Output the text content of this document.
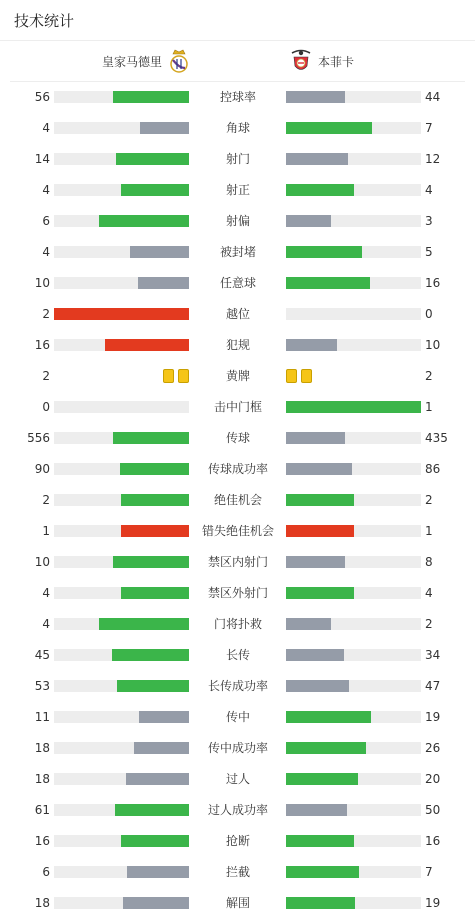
技术统计
皇家马德里	本菲卡
56	控球率	44
4	角球	7
14	射门	12
4	射正	4
6	射偏	3
4	被封堵	5
10	任意球	16
2	越位	0
16	犯规	10
2	黄牌	2
0	击中门框	1
556	传球	435
90	传球成功率	86
2	绝佳机会	2
1	错失绝佳机会	1
10	禁区内射门	8
4	禁区外射门	4
4	门将扑救	2
45	长传	34
53	长传成功率	47
11	传中	19
18	传中成功率	26
18	过人	20
61	过人成功率	50
16	抢断	16
6	拦截	7
18	解围	19
